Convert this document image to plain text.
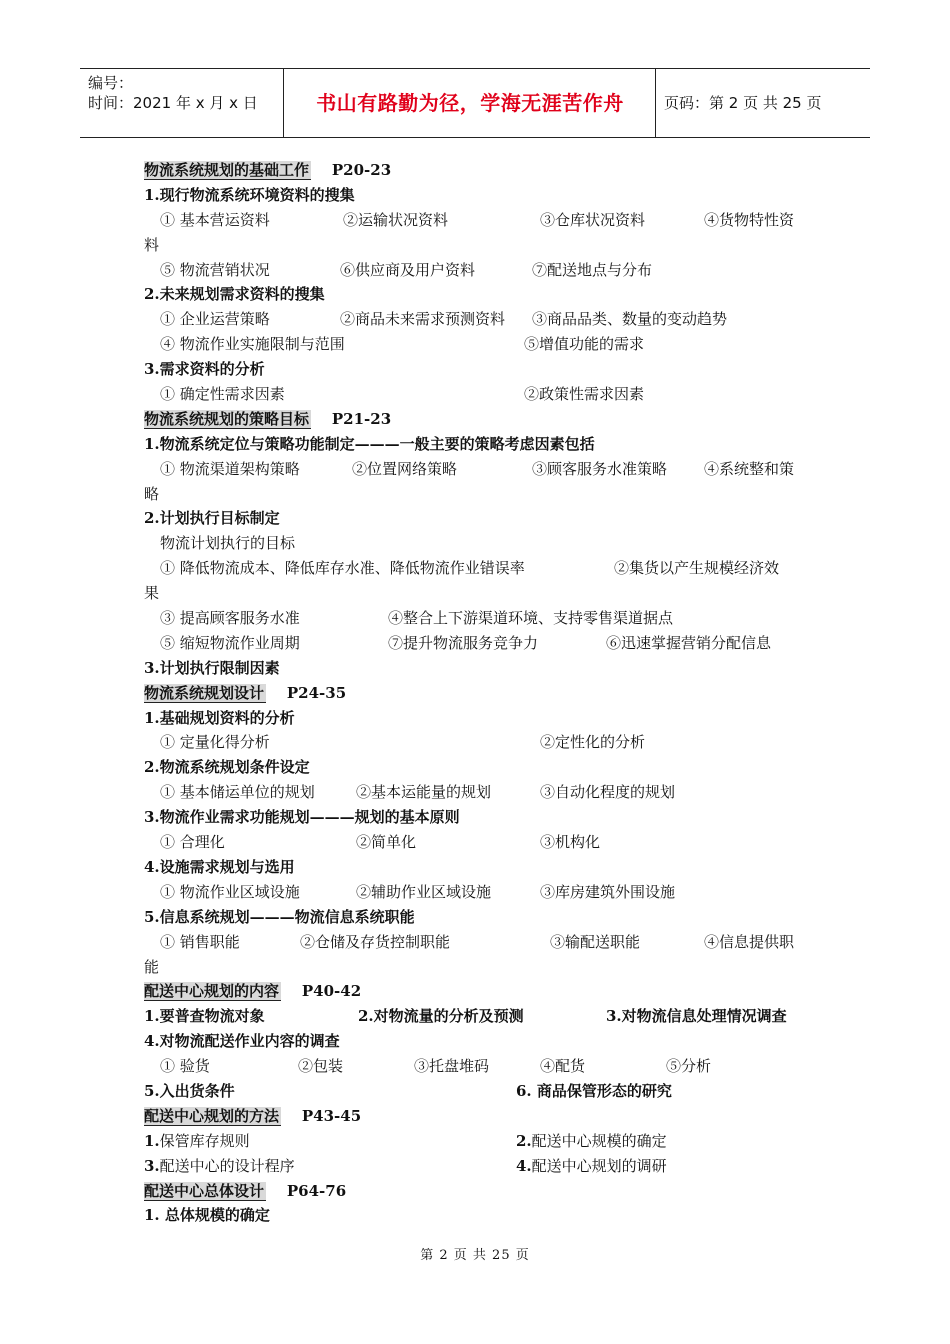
编号：
时间：2021 年 x 月 x 日	书山有路勤为径，学海无涯苦作舟	页码：第 2 页 共 25 页
物流系统规划的基础工作 P20-23
1.现行物流系统环境资料的搜集
① 基本营运资料	②运输状况资料	③仓库状况资料	④货物特性资
料
⑤ 物流营销状况	⑥供应商及用户资料	⑦配送地点与分布
2.未来规划需求资料的搜集
① 企业运营策略	②商品未来需求预测资料 ③商品品类、数量的变动趋势
④ 物流作业实施限制与范围	⑤增值功能的需求
3.需求资料的分析
① 确定性需求因素	②政策性需求因素
物流系统规划的策略目标 P21-23
1.物流系统定位与策略功能制定———一般主要的策略考虑因素包括
① 物流渠道架构策略	②位置网络策略	③顾客服务水准策略 ④系统整和策
略
2.计划执行目标制定
物流计划执行的目标
① 降低物流成本、降低库存水准、降低物流作业错误率	②集货以产生规模经济效
果
③ 提高顾客服务水准	④整合上下游渠道环境、支持零售渠道据点
⑤ 缩短物流作业周期	⑦提升物流服务竞争力	⑥迅速掌握营销分配信息
3.计划执行限制因素
物流系统规划设计 P24-35
1.基础规划资料的分析
① 定量化得分析	②定性化的分析
2.物流系统规划条件设定
① 基本储运单位的规划	②基本运能量的规划	③自动化程度的规划
3.物流作业需求功能规划———规划的基本原则
① 合理化	②简单化	③机构化
4.设施需求规划与选用
① 物流作业区域设施	②辅助作业区域设施	③库房建筑外围设施
5.信息系统规划———物流信息系统职能
① 销售职能	②仓储及存货控制职能	③输配送职能	④信息提供职
能
配送中心规划的内容 P40-42
1.要普查物流对象	2.对物流量的分析及预测	3.对物流信息处理情况调查
4.对物流配送作业内容的调查
① 验货	②包装	③托盘堆码	④配货	⑤分析
5.入出货条件	6. 商品保管形态的研究
配送中心规划的方法 P43-45
1.保管库存规则	2.配送中心规模的确定
3.配送中心的设计程序	4.配送中心规划的调研
配送中心总体设计 P64-76
1. 总体规模的确定
第 2 页 共 25 页
